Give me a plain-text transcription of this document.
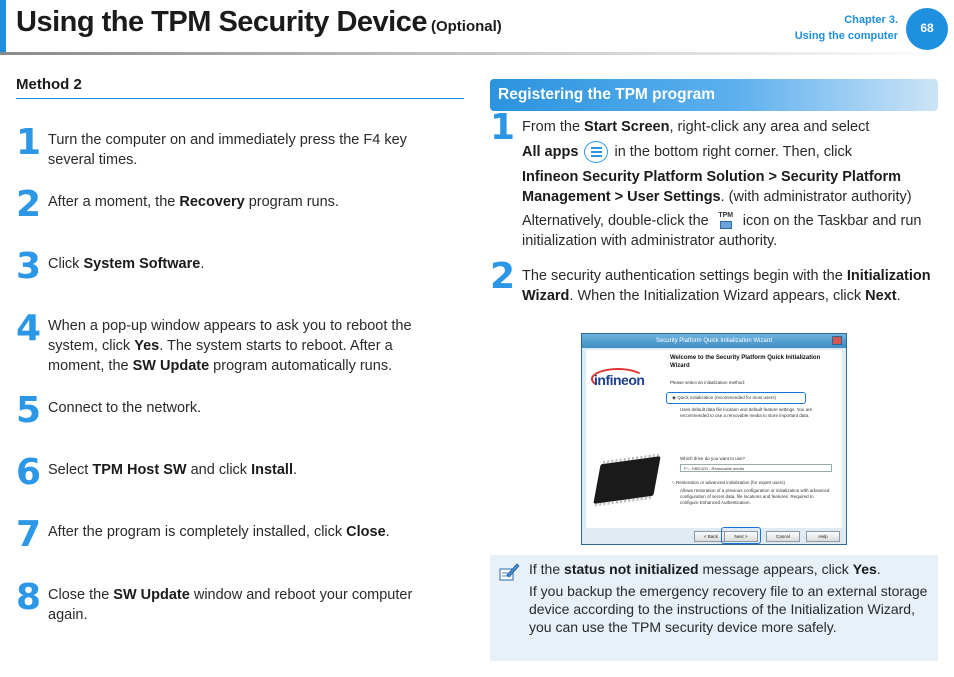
Using the TPM Security Device (Optional)	Chapter 3.
Using the computer
68
Method 2
1 Turn the computer on and immediately press the F4 key several times.
2 After a moment, the Recovery program runs.
3 Click System Software.
4 When a pop-up window appears to ask you to reboot the system, click Yes. The system starts to reboot. After a moment, the SW Update program automatically runs.
5 Connect to the network.
6 Select TPM Host SW and click Install.
7 After the program is completely installed, click Close.
8 Close the SW Update window and reboot your computer again.
Registering the TPM program
1 From the Start Screen, right-click any area and select
All apps
in the bottom right corner. Then, click
Infineon Security Platform Solution > Security Platform Management > User Settings. (with administrator authority)
Alternatively, double-click the TPM icon on the Taskbar and run initialization with administrator authority.
2 The security authentication settings begin with the Initialization Wizard. When the Initialization Wizard appears, click Next.
Security Platform Quick Initialization Wizard
infineon
Welcome to the Security Platform Quick Initialization Wizard
Please select an initialization method:
◉ Quick initialization (recommended for most users)
Uses default data file location and default feature settings. You are recommended to use a removable media to store important data.
Which drive do you want to use?
F:\ - KBD32G - Removable media
○ Restoration or advanced initialization (for expert users)
Allows restoration of a previous configuration or initialization with advanced configuration of secret data, file locations and features. Required to configure Enhanced Authentication.
< Back	Next >	Cancel	Help
If the status not initialized message appears, click Yes.
If you backup the emergency recovery file to an external storage device according to the instructions of the Initialization Wizard, you can use the TPM security device more safely.
